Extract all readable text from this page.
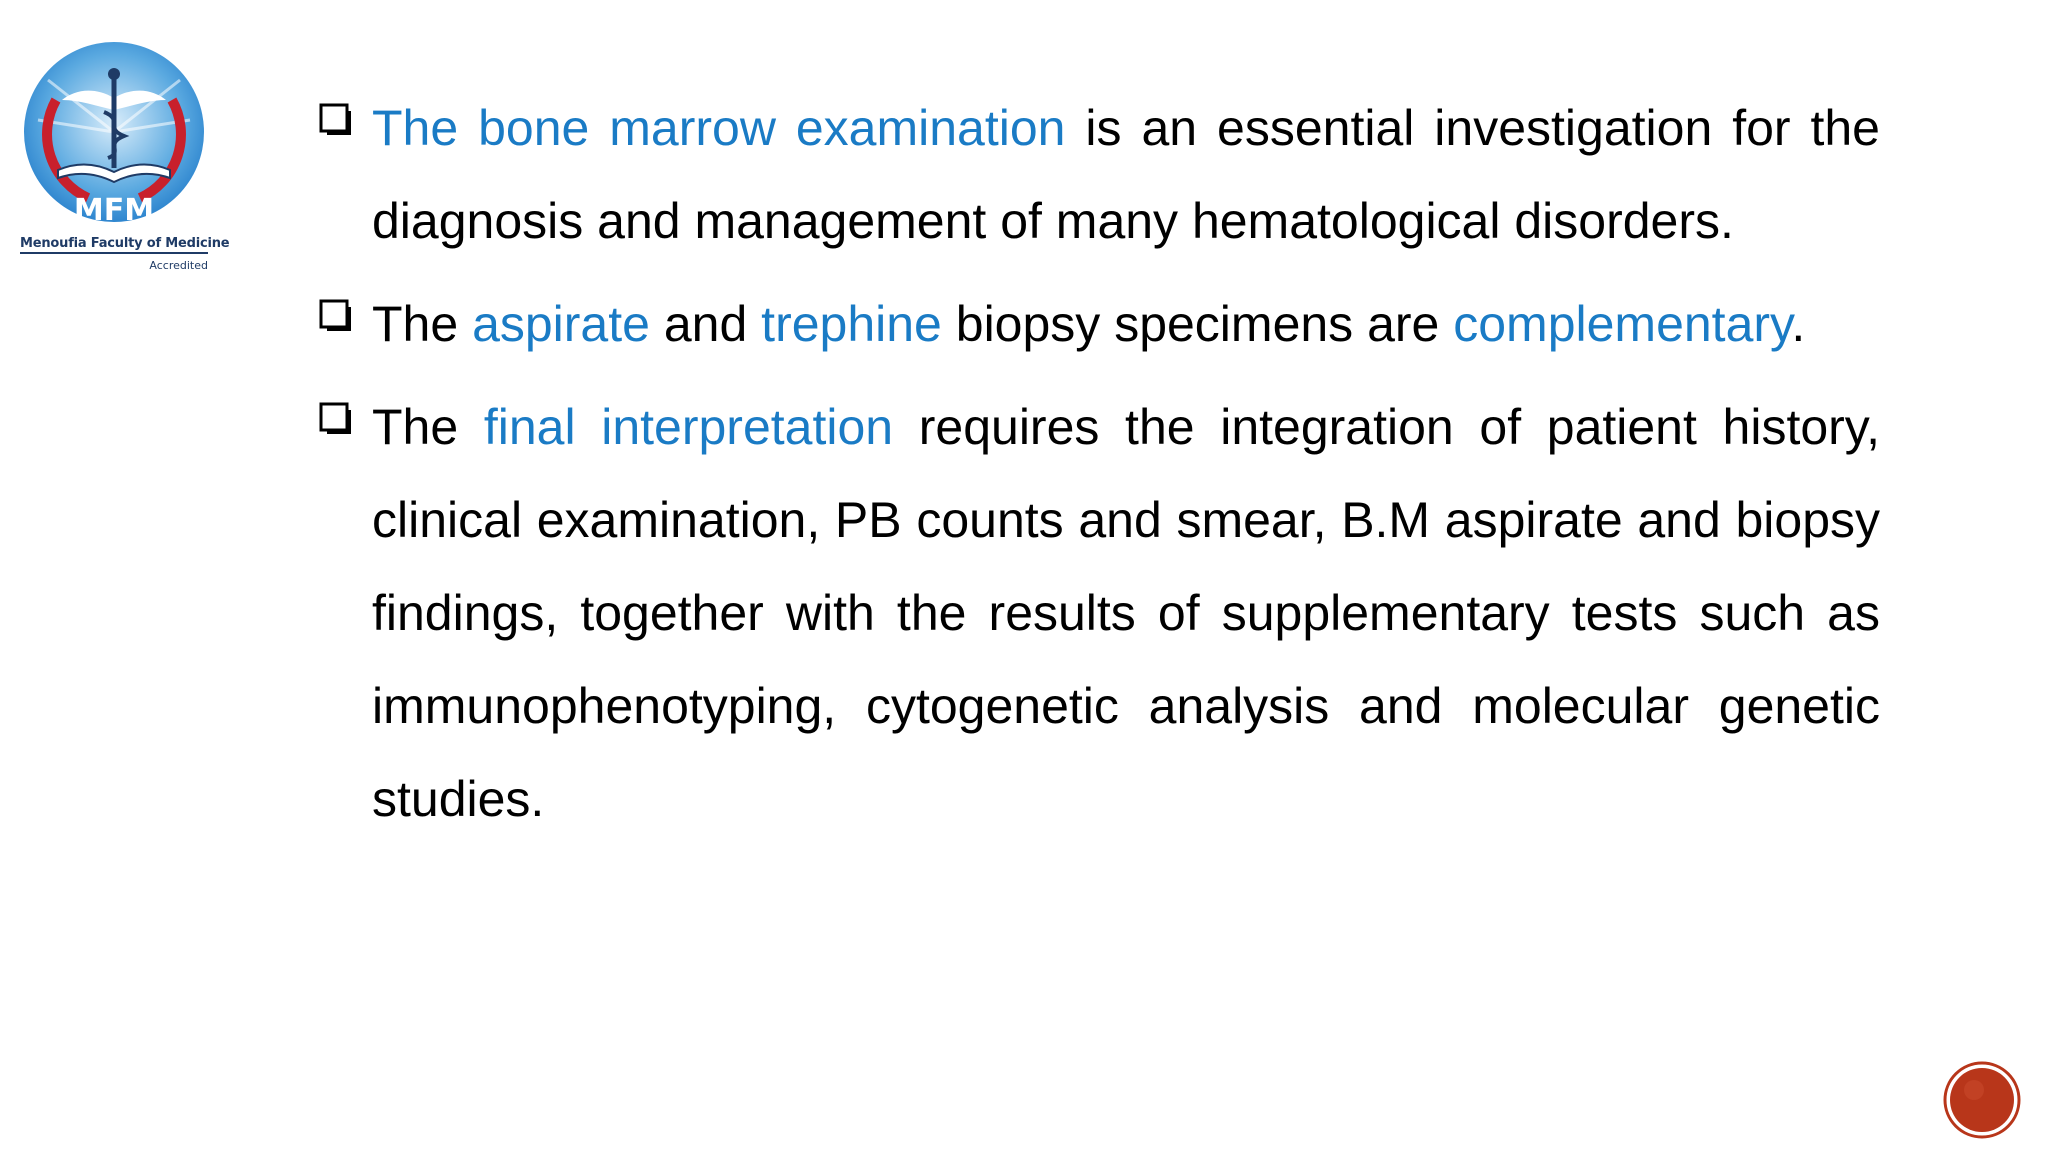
MFM
Menoufia Faculty of Medicine
Accredited
The bone marrow examination is an essential investigation for the diagnosis and management of many hematological disorders.
The aspirate and trephine biopsy specimens are complementary.
The final interpretation requires the integration of patient history, clinical examination, PB counts and smear, B.M aspirate and biopsy findings, together with the results of supplementary tests such as immunophenotyping, cytogenetic analysis and molecular genetic studies.
